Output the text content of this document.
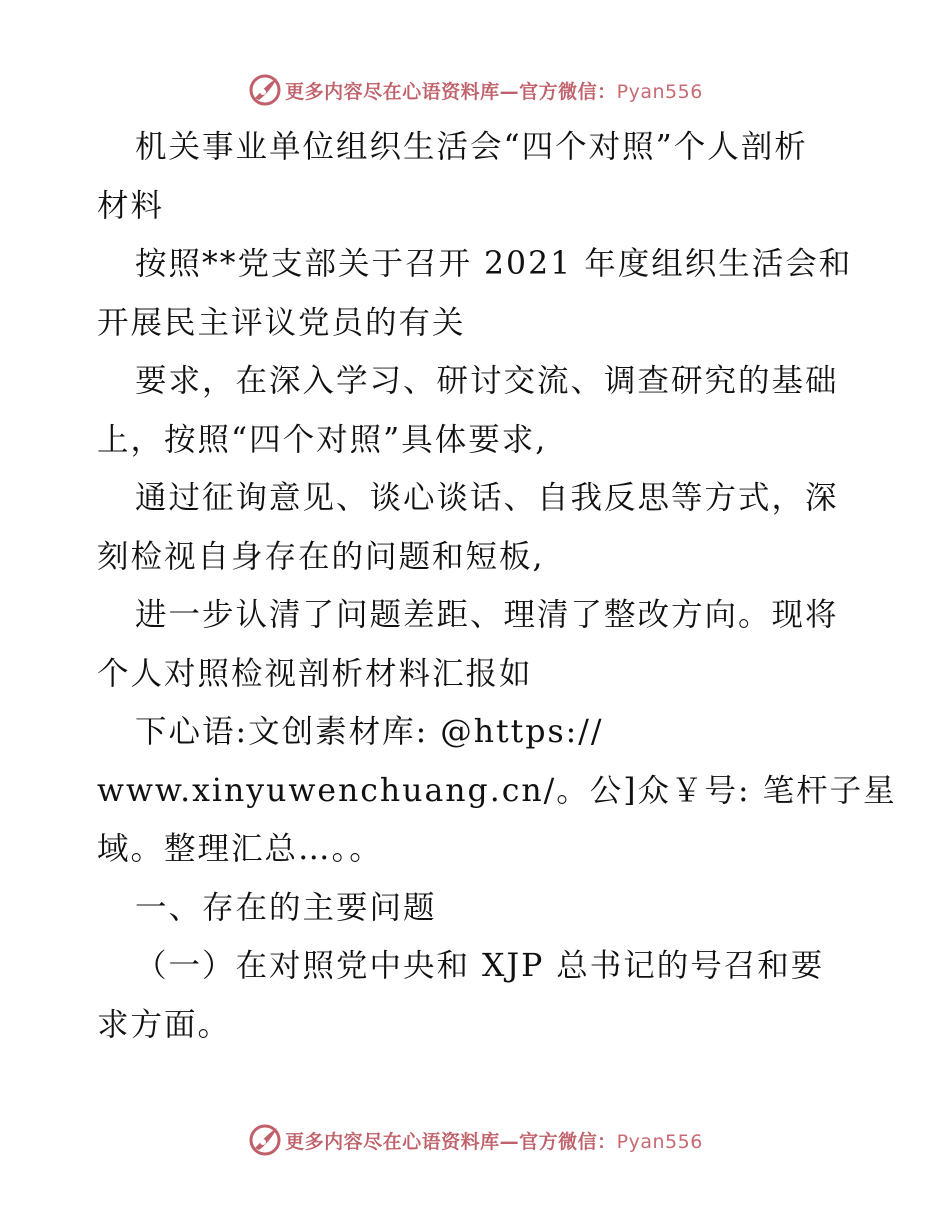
更多内容尽在心语资料库—官方微信：Pyan556

机关事业单位组织生活会“四个对照”个人剖析

材料

按照**党支部关于召开 2021 年度组织生活会和

开展民主评议党员的有关

要求，在深入学习、研讨交流、调查研究的基础

上，按照“四个对照”具体要求,

通过征询意见、谈心谈话、自我反思等方式，深

刻检视自身存在的问题和短板,

进一步认清了问题差距、理清了整改方向。现将

个人对照检视剖析材料汇报如

下心语:文创素材库: @https://

www.xinyuwenchuang.cn/。公]众￥号: 笔杆子星

域。整理汇总…。。

一、存在的主要问题

（一）在对照党中央和 XJP 总书记的号召和要

求方面。

更多内容尽在心语资料库—官方微信：Pyan556
